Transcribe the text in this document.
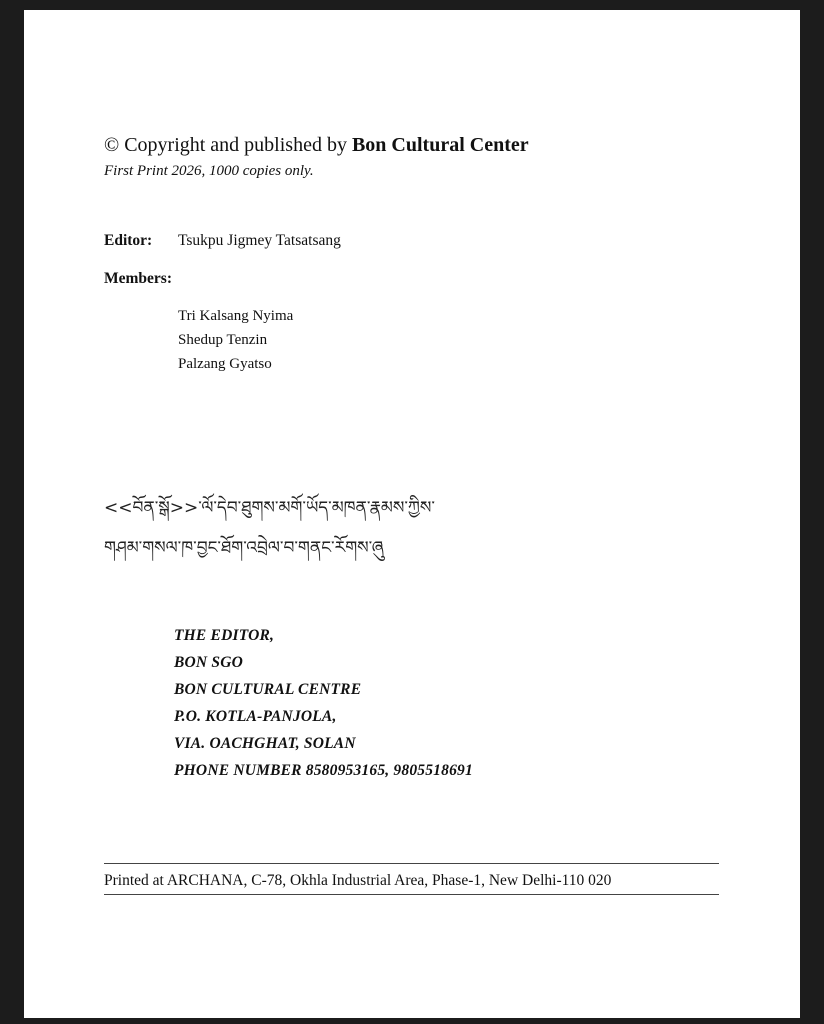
© Copyright and published by Bon Cultural Center
First Print 2026, 1000 copies only.
Editor: Tsukpu Jigmey Tatsatsang
Members:
Tri Kalsang Nyima
Shedup Tenzin
Palzang Gyatso
<<བོན་སྒོ>>་ལོ་དེབ་ཐུགས་མགོ་ཡོད་མཁན་རྣམས་ཀྱིས་
གཤམ་གསལ་ཁ་བྱང་ཐོག་འབྲེལ་བ་གནང་རོགས་ཞུ
THE EDITOR,
BON SGO
BON CULTURAL CENTRE
P.O. KOTLA-PANJOLA,
VIA. OACHGHAT, SOLAN
PHONE NUMBER 8580953165, 9805518691
Printed at ARCHANA, C-78, Okhla Industrial Area, Phase-1, New Delhi-110 020
